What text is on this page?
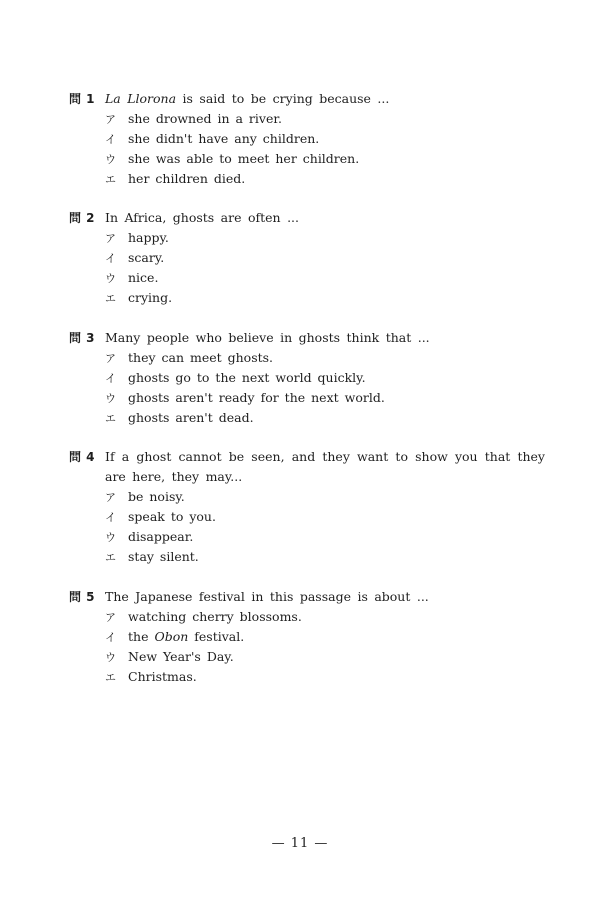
問 1 La Llorona is said to be crying because ...
ア she drowned in a river.
イ she didn't have any children.
ウ she was able to meet her children.
エ her children died.
問 2 In Africa, ghosts are often ...
ア happy.
イ scary.
ウ nice.
エ crying.
問 3 Many people who believe in ghosts think that ...
ア they can meet ghosts.
イ ghosts go to the next world quickly.
ウ ghosts aren't ready for the next world.
エ ghosts aren't dead.
問 4 If a ghost cannot be seen, and they want to show you that they are here, they may...
ア be noisy.
イ speak to you.
ウ disappear.
エ stay silent.
問 5 The Japanese festival in this passage is about ...
ア watching cherry blossoms.
イ the Obon festival.
ウ New Year's Day.
エ Christmas.
— 11 —
